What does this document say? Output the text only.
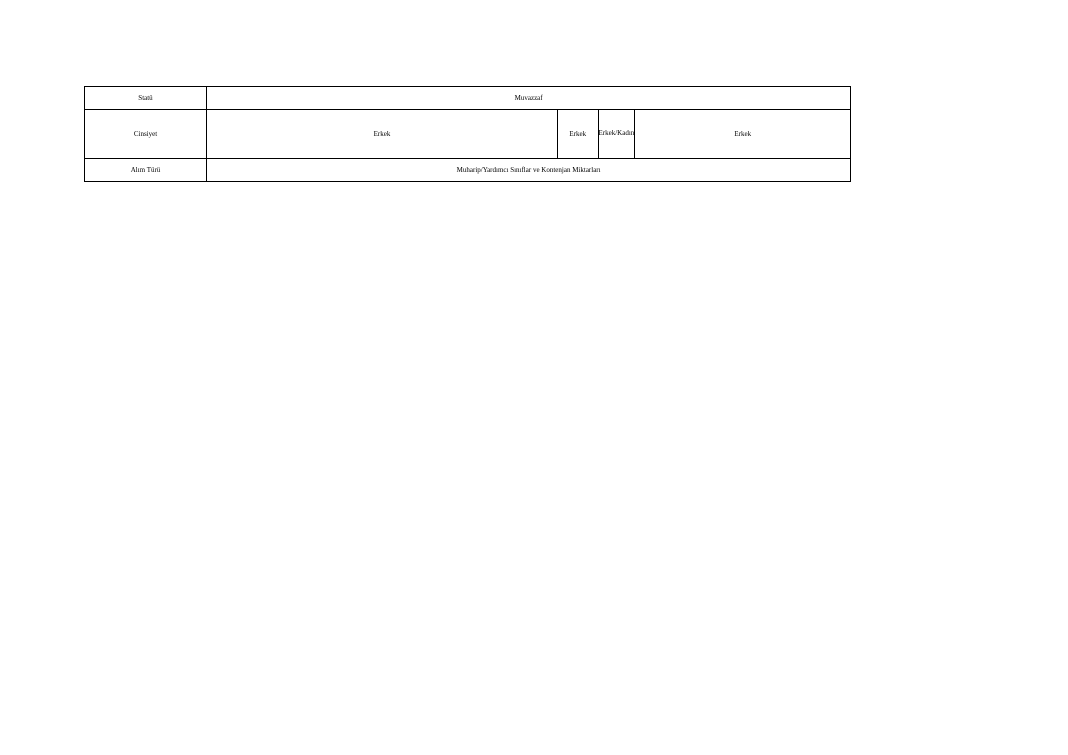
Statü	Muvazzaf			
Cinsiyet	Erkek	Erkek	Erkek/Kadın	Erkek
Alım Türü	Muharip/Yardımcı Sınıflar ve Kontenjan Miktarları			
